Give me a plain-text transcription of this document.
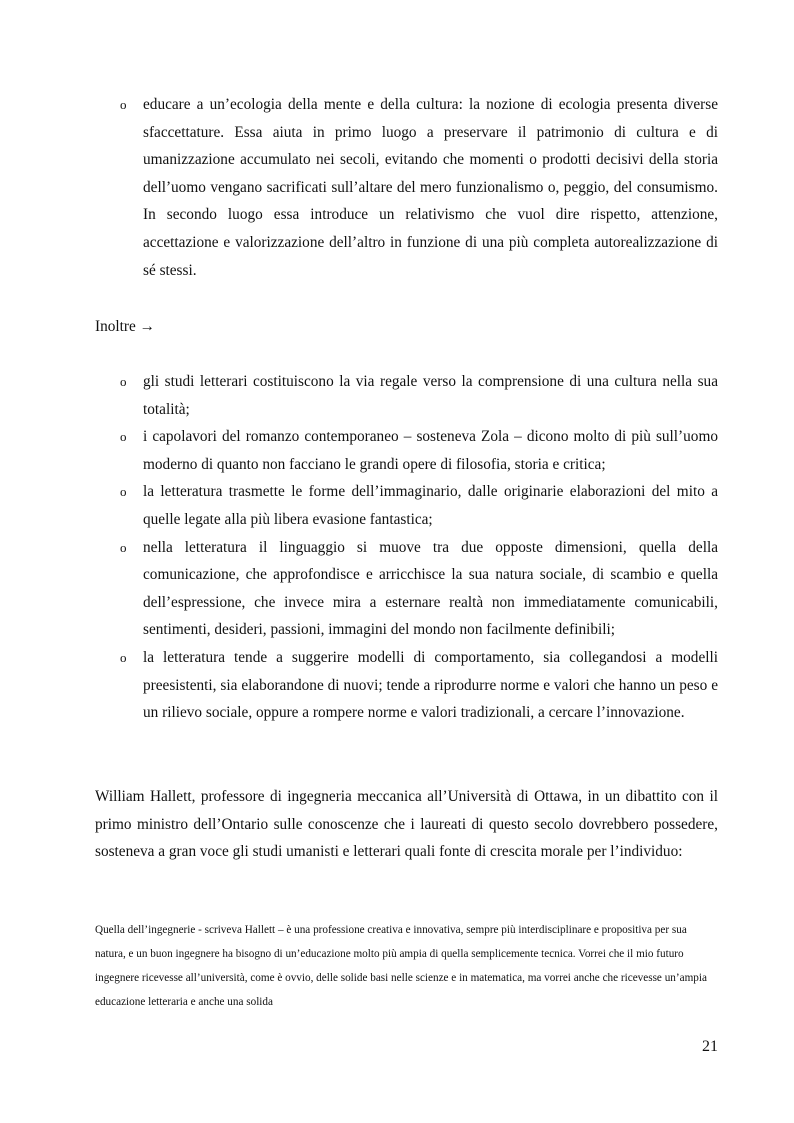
o educare a un’ecologia della mente e della cultura: la nozione di ecologia presenta diverse sfaccettature. Essa aiuta in primo luogo a preservare il patrimonio di cultura e di umanizzazione accumulato nei secoli, evitando che momenti o prodotti decisivi della storia dell’uomo vengano sacrificati sull’altare del mero funzionalismo o, peggio, del consumismo. In secondo luogo essa introduce un relativismo che vuol dire rispetto, attenzione, accettazione e valorizzazione dell’altro in funzione di una più completa autorealizzazione di sé stessi.

Inoltre →

o gli studi letterari costituiscono la via regale verso la comprensione di una cultura nella sua totalità;
o i capolavori del romanzo contemporaneo – sosteneva Zola – dicono molto di più sull’uomo moderno di quanto non facciano le grandi opere di filosofia, storia e critica;
o la letteratura trasmette le forme dell’immaginario, dalle originarie elaborazioni del mito a quelle legate alla più libera evasione fantastica;
o nella letteratura il linguaggio si muove tra due opposte dimensioni, quella della comunicazione, che approfondisce e arricchisce la sua natura sociale, di scambio e quella dell’espressione, che invece mira a esternare realtà non immediatamente comunicabili, sentimenti, desideri, passioni, immagini del mondo non facilmente definibili;
o la letteratura tende a suggerire modelli di comportamento, sia collegandosi a modelli preesistenti, sia elaborandone di nuovi; tende a riprodurre norme e valori che hanno un peso e un rilievo sociale, oppure a rompere norme e valori tradizionali, a cercare l’innovazione.

William Hallett, professore di ingegneria meccanica all’Università di Ottawa, in un dibattito con il primo ministro dell’Ontario sulle conoscenze che i laureati di questo secolo dovrebbero possedere, sosteneva a gran voce gli studi umanisti e letterari quali fonte di crescita morale per l’individuo:

Quella dell’ingegnerie - scriveva Hallett – è una professione creativa e innovativa, sempre più interdisciplinare e propositiva per sua natura, e un buon ingegnere ha bisogno di un’educazione molto più ampia di quella semplicemente tecnica. Vorrei che il mio futuro ingegnere ricevesse all’università, come è ovvio, delle solide basi nelle scienze e in matematica, ma vorrei anche che ricevesse un’ampia educazione letteraria e anche una solida

21
